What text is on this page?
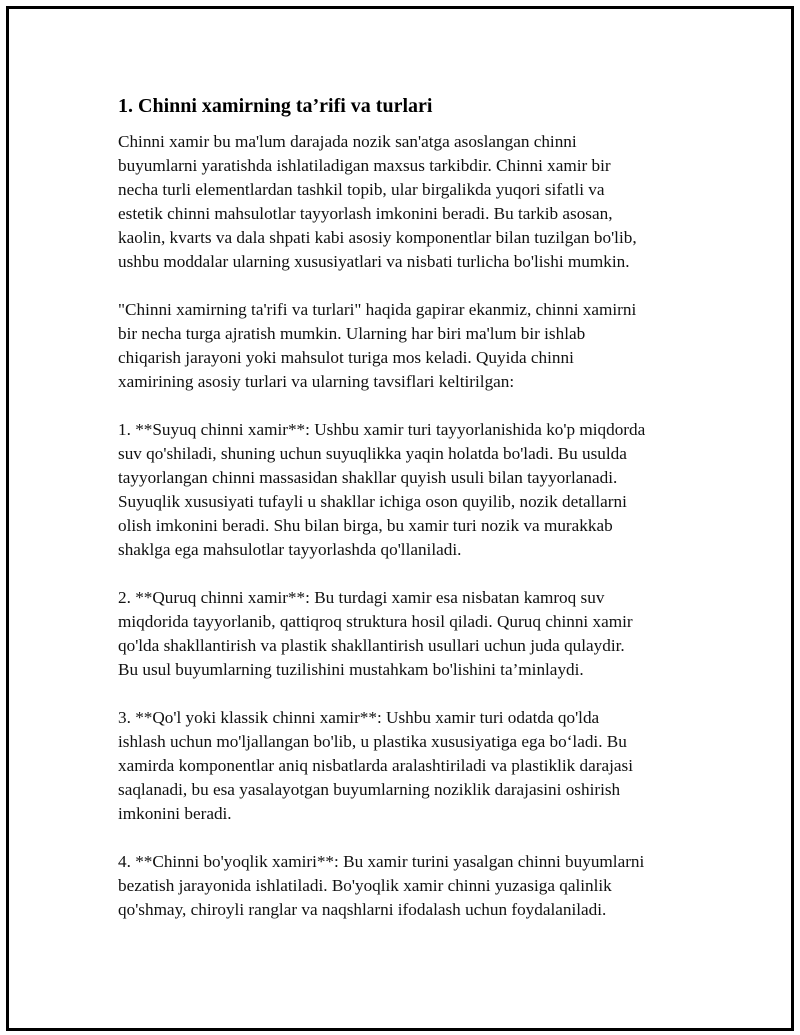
1. Chinni xamirning ta’rifi va turlari

Chinni xamir bu ma'lum darajada nozik san'atga asoslangan chinni
buyumlarni yaratishda ishlatiladigan maxsus tarkibdir. Chinni xamir bir
necha turli elementlardan tashkil topib, ular birgalikda yuqori sifatli va
estetik chinni mahsulotlar tayyorlash imkonini beradi. Bu tarkib asosan,
kaolin, kvarts va dala shpati kabi asosiy komponentlar bilan tuzilgan bo'lib,
ushbu moddalar ularning xususiyatlari va nisbati turlicha bo'lishi mumkin.

"Chinni xamirning ta'rifi va turlari" haqida gapirar ekanmiz, chinni xamirni
bir necha turga ajratish mumkin. Ularning har biri ma'lum bir ishlab
chiqarish jarayoni yoki mahsulot turiga mos keladi. Quyida chinni
xamirining asosiy turlari va ularning tavsiflari keltirilgan:

1. **Suyuq chinni xamir**: Ushbu xamir turi tayyorlanishida ko'p miqdorda
suv qo'shiladi, shuning uchun suyuqlikka yaqin holatda bo'ladi. Bu usulda
tayyorlangan chinni massasidan shakllar quyish usuli bilan tayyorlanadi.
Suyuqlik xususiyati tufayli u shakllar ichiga oson quyilib, nozik detallarni
olish imkonini beradi. Shu bilan birga, bu xamir turi nozik va murakkab
shaklga ega mahsulotlar tayyorlashda qo'llaniladi.

2. **Quruq chinni xamir**: Bu turdagi xamir esa nisbatan kamroq suv
miqdorida tayyorlanib, qattiqroq struktura hosil qiladi. Quruq chinni xamir
qo'lda shakllantirish va plastik shakllantirish usullari uchun juda qulaydir.
Bu usul buyumlarning tuzilishini mustahkam bo'lishini ta’minlaydi.

3. **Qo'l yoki klassik chinni xamir**: Ushbu xamir turi odatda qo'lda
ishlash uchun mo'ljallangan bo'lib, u plastika xususiyatiga ega bo‘ladi. Bu
xamirda komponentlar aniq nisbatlarda aralashtiriladi va plastiklik darajasi
saqlanadi, bu esa yasalayotgan buyumlarning noziklik darajasini oshirish
imkonini beradi.

4. **Chinni bo'yoqlik xamiri**: Bu xamir turini yasalgan chinni buyumlarni
bezatish jarayonida ishlatiladi. Bo'yoqlik xamir chinni yuzasiga qalinlik
qo'shmay, chiroyli ranglar va naqshlarni ifodalash uchun foydalaniladi.
